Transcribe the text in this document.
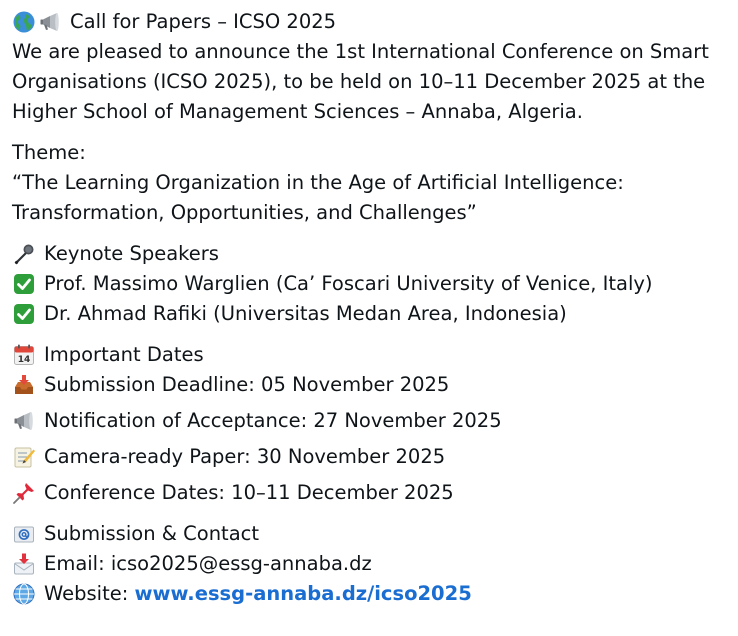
Call for Papers – ICSO 2025
We are pleased to announce the 1st International Conference on Smart Organisations (ICSO 2025), to be held on 10–11 December 2025 at the Higher School of Management Sciences – Annaba, Algeria.
Theme:
“The Learning Organization in the Age of Artificial Intelligence: Transformation, Opportunities, and Challenges”
Keynote Speakers
Prof. Massimo Warglien (Ca’ Foscari University of Venice, Italy)
Dr. Ahmad Rafiki (Universitas Medan Area, Indonesia)
14 Important Dates
Submission Deadline: 05 November 2025
Notification of Acceptance: 27 November 2025
Camera-ready Paper: 30 November 2025
Conference Dates: 10–11 December 2025
Submission & Contact
Email: icso2025@essg-annaba.dz
Website: www.essg-annaba.dz/icso2025
